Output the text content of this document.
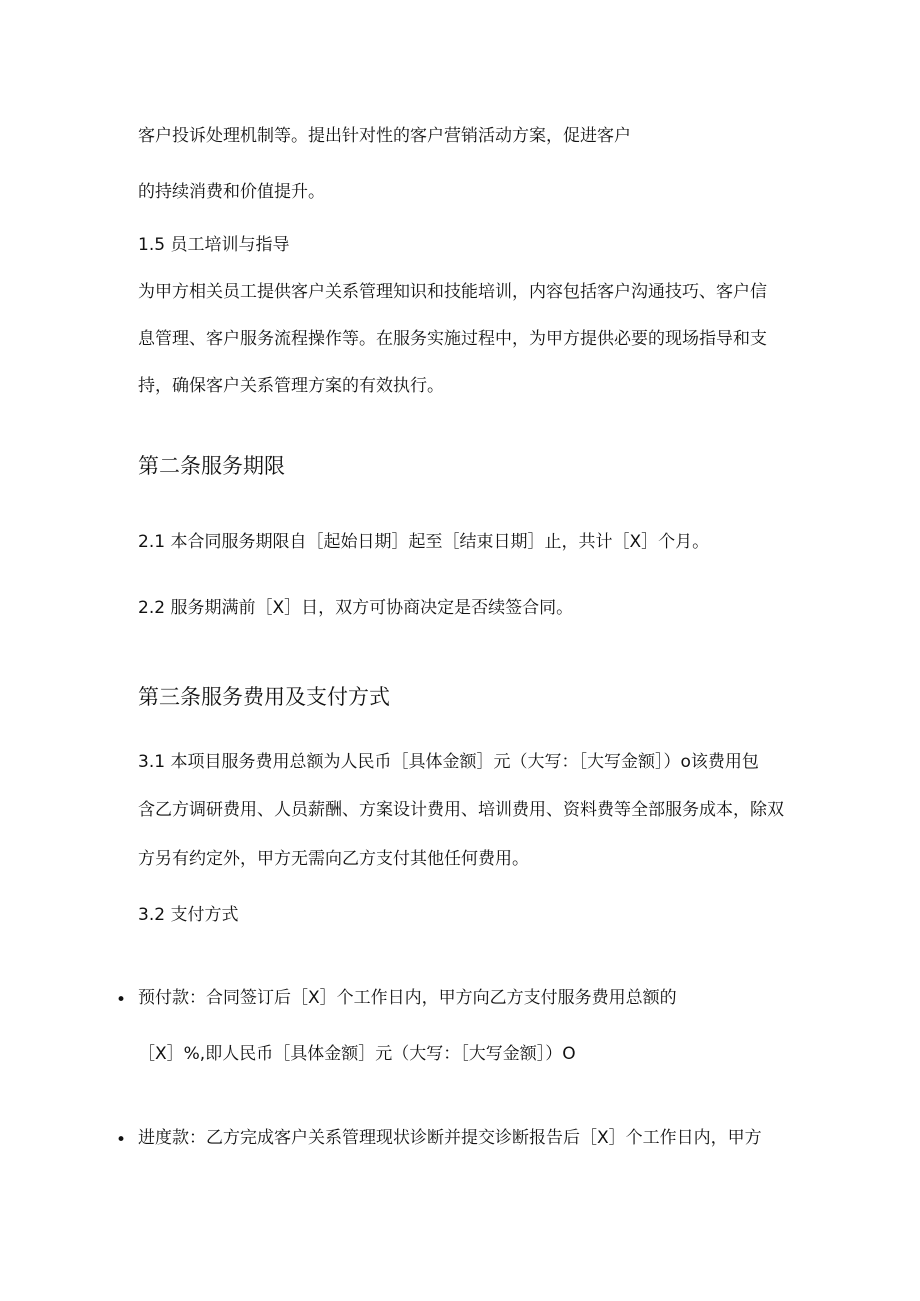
客户投诉处理机制等。提出针对性的客户营销活动方案，促进客户
的持续消费和价值提升。
1.5 员工培训与指导
为甲方相关员工提供客户关系管理知识和技能培训，内容包括客户沟通技巧、客户信
息管理、客户服务流程操作等。在服务实施过程中，为甲方提供必要的现场指导和支
持，确保客户关系管理方案的有效执行。
第二条服务期限
2.1 本合同服务期限自［起始日期］起至［结束日期］止，共计［X］个月。
2.2 服务期满前［X］日，双方可协商决定是否续签合同。
第三条服务费用及支付方式
3.1 本项目服务费用总额为人民币［具体金额］元（大写：［大写金额］）o该费用包
含乙方调研费用、人员薪酬、方案设计费用、培训费用、资料费等全部服务成本，除双
方另有约定外，甲方无需向乙方支付其他任何费用。
3.2 支付方式
• 预付款：合同签订后［X］个工作日内，甲方向乙方支付服务费用总额的
［X］%,即人民币［具体金额］元（大写：［大写金额］）O
• 进度款：乙方完成客户关系管理现状诊断并提交诊断报告后［X］个工作日内，甲方
